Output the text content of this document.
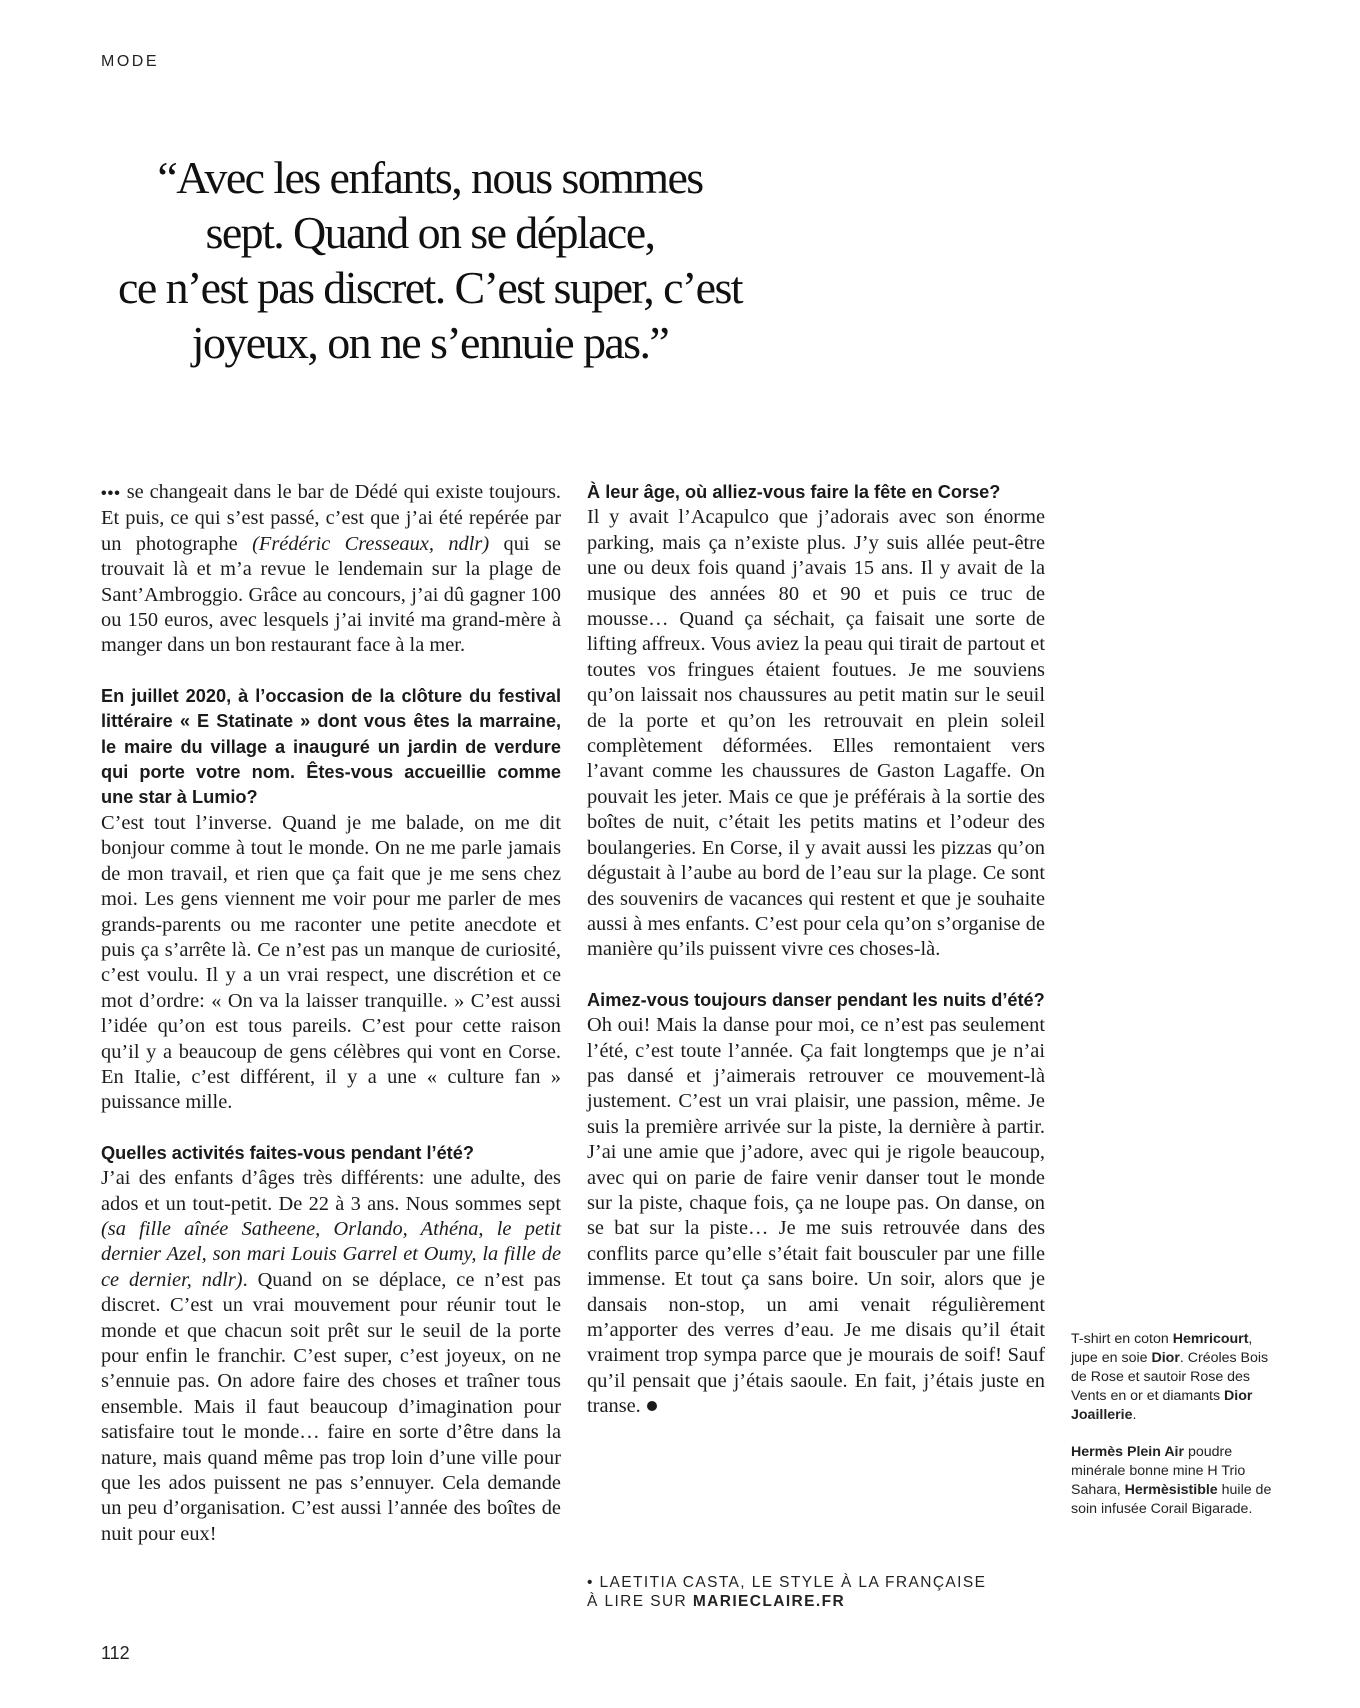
MODE
“Avec les enfants, nous sommes
sept. Quand on se déplace,
ce n’est pas discret. C’est super, c’est
joyeux, on ne s’ennuie pas.”

••• se changeait dans le bar de Dédé qui existe toujours. Et puis, ce qui s’est passé, c’est que j’ai été repérée par un photographe (Frédéric Cresseaux, ndlr) qui se trouvait là et m’a revue le lendemain sur la plage de Sant’Ambroggio. Grâce au concours, j’ai dû gagner 100 ou 150 euros, avec lesquels j’ai invité ma grand-mère à manger dans un bon restaurant face à la mer.

En juillet 2020, à l’occasion de la clôture du festival littéraire « E Statinate » dont vous êtes la marraine, le maire du village a inauguré un jardin de verdure qui porte votre nom. Êtes-vous accueillie comme une star à Lumio?

C’est tout l’inverse. Quand je me balade, on me dit bonjour comme à tout le monde. On ne me parle jamais de mon travail, et rien que ça fait que je me sens chez moi. Les gens viennent me voir pour me parler de mes grands-parents ou me raconter une petite anecdote et puis ça s’arrête là. Ce n’est pas un manque de curiosité, c’est voulu. Il y a un vrai respect, une discrétion et ce mot d’ordre: « On va la laisser tranquille. » C’est aussi l’idée qu’on est tous pareils. C’est pour cette raison qu’il y a beaucoup de gens célèbres qui vont en Corse. En Italie, c’est différent, il y a une « culture fan » puissance mille.

Quelles activités faites-vous pendant l’été?

J’ai des enfants d’âges très différents: une adulte, des ados et un tout-petit. De 22 à 3 ans. Nous sommes sept (sa fille aînée Satheene, Orlando, Athéna, le petit dernier Azel, son mari Louis Garrel et Oumy, la fille de ce dernier, ndlr). Quand on se déplace, ce n’est pas discret. C’est un vrai mouvement pour réunir tout le monde et que chacun soit prêt sur le seuil de la porte pour enfin le franchir. C’est super, c’est joyeux, on ne s’ennuie pas. On adore faire des choses et traîner tous ensemble. Mais il faut beaucoup d’imagination pour satisfaire tout le monde… faire en sorte d’être dans la nature, mais quand même pas trop loin d’une ville pour que les ados puissent ne pas s’ennuyer. Cela demande un peu d’organisation. C’est aussi l’année des boîtes de nuit pour eux!

À leur âge, où alliez-vous faire la fête en Corse?

Il y avait l’Acapulco que j’adorais avec son énorme parking, mais ça n’existe plus. J’y suis allée peut-être une ou deux fois quand j’avais 15 ans. Il y avait de la musique des années 80 et 90 et puis ce truc de mousse… Quand ça séchait, ça faisait une sorte de lifting affreux. Vous aviez la peau qui tirait de partout et toutes vos fringues étaient foutues. Je me souviens qu’on laissait nos chaussures au petit matin sur le seuil de la porte et qu’on les retrouvait en plein soleil complètement déformées. Elles remontaient vers l’avant comme les chaussures de Gaston Lagaffe. On pouvait les jeter. Mais ce que je préférais à la sortie des boîtes de nuit, c’était les petits matins et l’odeur des boulangeries. En Corse, il y avait aussi les pizzas qu’on dégustait à l’aube au bord de l’eau sur la plage. Ce sont des souvenirs de vacances qui restent et que je souhaite aussi à mes enfants. C’est pour cela qu’on s’organise de manière qu’ils puissent vivre ces choses-là.

Aimez-vous toujours danser pendant les nuits d’été?

Oh oui! Mais la danse pour moi, ce n’est pas seulement l’été, c’est toute l’année. Ça fait longtemps que je n’ai pas dansé et j’aimerais retrouver ce mouvement-là justement. C’est un vrai plaisir, une passion, même. Je suis la première arrivée sur la piste, la dernière à partir. J’ai une amie que j’adore, avec qui je rigole beaucoup, avec qui on parie de faire venir danser tout le monde sur la piste, chaque fois, ça ne loupe pas. On danse, on se bat sur la piste… Je me suis retrouvée dans des conflits parce qu’elle s’était fait bousculer par une fille immense. Et tout ça sans boire. Un soir, alors que je dansais non-stop, un ami venait régulièrement m’apporter des verres d’eau. Je me disais qu’il était vraiment trop sympa parce que je mourais de soif! Sauf qu’il pensait que j’étais saoule. En fait, j’étais juste en transe.

• LAETITIA CASTA, LE STYLE À LA FRANÇAISE
À LIRE SUR MARIECLAIRE.FR

T-shirt en coton Hemricourt, jupe en soie Dior. Créoles Bois de Rose et sautoir Rose des Vents en or et diamants Dior Joaillerie.

Hermès Plein Air poudre minérale bonne mine H Trio Sahara, Hermèsistible huile de soin infusée Corail Bigarade.

112
